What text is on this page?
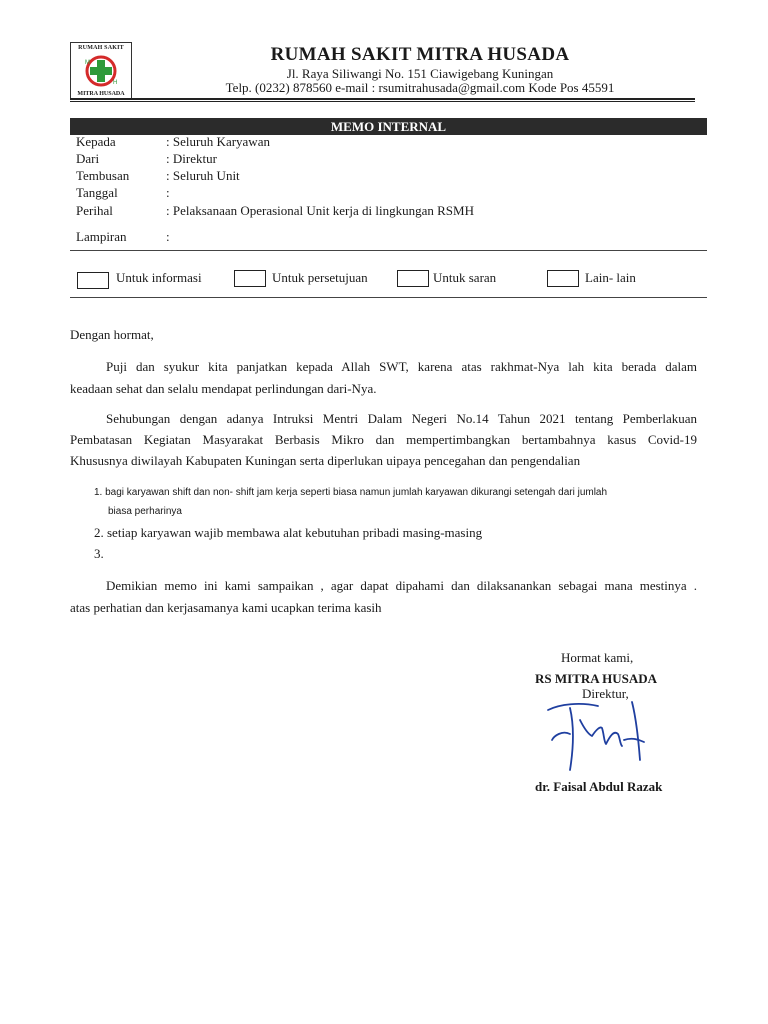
RUMAH SAKIT
M
H
MITRA HUSADA
RUMAH SAKIT MITRA HUSADA
Jl. Raya Siliwangi No. 151 Ciawigebang Kuningan
Telp. (0232) 878560 e-mail : rsumitrahusada@gmail.com Kode Pos 45591
MEMO INTERNAL
Kepada	: Seluruh Karyawan
Dari	: Direktur
Tembusan	: Seluruh Unit
Tanggal	:
Perihal	: Pelaksanaan Operasional Unit kerja di lingkungan RSMH
Lampiran	:
Untuk informasi	Untuk persetujuan	Untuk saran	Lain- lain
Dengan hormat,
Puji dan syukur kita panjatkan kepada Allah SWT, karena atas rakhmat-Nya lah kita berada dalam
keadaan sehat dan selalu mendapat perlindungan dari-Nya.
Sehubungan dengan adanya Intruksi Mentri Dalam Negeri No.14 Tahun 2021 tentang Pemberlakuan
Pembatasan Kegiatan Masyarakat Berbasis Mikro dan mempertimbangkan bertambahnya kasus Covid-19
Khususnya diwilayah Kabupaten Kuningan serta diperlukan uipaya pencegahan dan pengendalian
1. bagi karyawan shift dan non- shift jam kerja seperti biasa namun jumlah karyawan dikurangi setengah dari jumlah
biasa perharinya
2. setiap karyawan wajib membawa alat kebutuhan pribadi masing-masing
3.
Demikian memo ini kami sampaikan , agar dapat dipahami dan dilaksanankan sebagai mana mestinya .
atas perhatian dan kerjasamanya kami ucapkan terima kasih
Hormat kami,
RS MITRA HUSADA
Direktur,
dr. Faisal Abdul Razak
